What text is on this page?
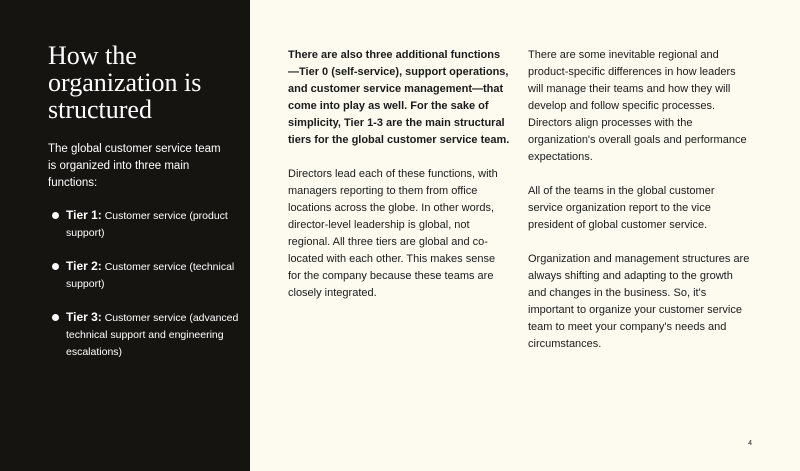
How the organization is structured

The global customer service team is organized into three main functions:

Tier 1: Customer service (product support)
Tier 2: Customer service (technical support)
Tier 3: Customer service (advanced technical support and engineering escalations)

There are also three additional functions—Tier 0 (self-service), support operations, and customer service management—that come into play as well. For the sake of simplicity, Tier 1-3 are the main structural tiers for the global customer service team.

Directors lead each of these functions, with managers reporting to them from office locations across the globe. In other words, director-level leadership is global, not regional. All three tiers are global and co-located with each other. This makes sense for the company because these teams are closely integrated.

There are some inevitable regional and product-specific differences in how leaders will manage their teams and how they will develop and follow specific processes. Directors align processes with the organization's overall goals and performance expectations.

All of the teams in the global customer service organization report to the vice president of global customer service.

Organization and management structures are always shifting and adapting to the growth and changes in the business. So, it's important to organize your customer service team to meet your company's needs and circumstances.

4
